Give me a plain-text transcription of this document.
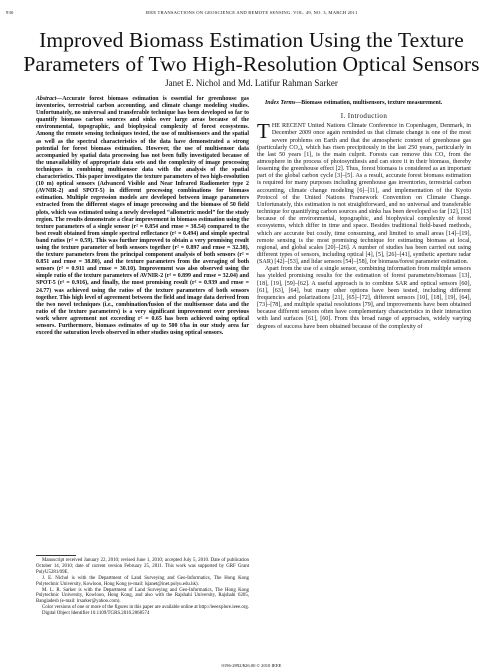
930	IEEE TRANSACTIONS ON GEOSCIENCE AND REMOTE SENSING, VOL. 49, NO. 3, MARCH 2011
Improved Biomass Estimation Using the Texture Parameters of Two High-Resolution Optical Sensors
Janet E. Nichol and Md. Latifur Rahman Sarker

Abstract—Accurate forest biomass estimation is essential for greenhouse gas inventories, terrestrial carbon accounting, and climate change modeling studies. Unfortunately, no universal and transferable technique has been developed so far to quantify biomass carbon sources and sinks over large areas because of the environmental, topographic, and biophysical complexity of forest ecosystems. Among the remote sensing techniques tested, the use of multisensors and the spatial as well as the spectral characteristics of the data have demonstrated a strong potential for forest biomass estimation. However, the use of multisensor data accompanied by spatial data processing has not been fully investigated because of the unavailability of appropriate data sets and the complexity of image processing techniques in combining multisensor data with the analysis of the spatial characteristics. This paper investigates the texture parameters of two high-resolution (10 m) optical sensors (Advanced Visible and Near Infrared Radiometer type 2 (AVNIR-2) and SPOT-5) in different processing combinations for biomass estimation. Multiple regression models are developed between image parameters extracted from the different stages of image processing and the biomass of 50 field plots, which was estimated using a newly developed “allometric model” for the study region. The results demonstrate a clear improvement in biomass estimation using the texture parameters of a single sensor (r² = 0.854 and rmse = 38.54) compared to the best result obtained from simple spectral reflectance (r² = 0.494) and simple spectral band ratios (r² = 0.59). This was further improved to obtain a very promising result using the texture parameter of both sensors together (r² = 0.897 and rmse = 32.38), the texture parameters from the principal component analysis of both sensors (r² = 0.851 and rmse = 38.80), and the texture parameters from the averaging of both sensors (r² = 0.911 and rmse = 30.10). Improvement was also observed using the simple ratio of the texture parameters of AVNIR-2 (r² = 0.899 and rmse = 32.04) and SPOT-5 (r² = 0.916), and finally, the most promising result (r² = 0.939 and rmse = 24.77) was achieved using the ratios of the texture parameters of both sensors together. This high level of agreement between the field and image data derived from the two novel techniques (i.e., combination/fusion of the multisensor data and the ratio of the texture parameters) is a very significant improvement over previous work where agreement not exceeding r² = 0.65 has been achieved using optical sensors. Furthermore, biomass estimates of up to 500 t/ha in our study area far exceed the saturation levels observed in other studies using optical sensors.

Index Terms—Biomass estimation, multisensors, texture measurement.

I. Introduction

THE RECENT United Nations Climate Conference in Copenhagen, Denmark, in December 2009 once again reminded us that climate change is one of the most severe problems on Earth and that the atmospheric content of greenhouse gas (particularly CO₂), which has risen precipitously in the last 250 years, particularly in the last 50 years [1], is the main culprit. Forests can remove this CO₂ from the atmosphere in the process of photosynthesis and can store it in their biomass, thereby lessening the greenhouse effect [2]. Thus, forest biomass is considered as an important part of the global carbon cycle [3]–[5]. As a result, accurate forest biomass estimation is required for many purposes including greenhouse gas inventories, terrestrial carbon accounting, climate change modeling [6]–[11], and implementation of the Kyoto Protocol of the United Nations Framework Convention on Climate Change. Unfortunately, this estimation is not straightforward, and no universal and transferable technique for quantifying carbon sources and sinks has been developed so far [12], [13] because of the environmental, topographic, and biophysical complexity of forest ecosystems, which differ in time and space. Besides traditional field-based methods, which are accurate but costly, time consuming, and limited to small areas [14]–[19], remote sensing is the most promising technique for estimating biomass at local, regional, and global scales [20]–[26]. A number of studies has been carried out using different types of sensors, including optical [4], [5], [26]–[41], synthetic aperture radar (SAR) [42]–[53], and lidar sensors [54]–[58], for biomass/forest parameter estimation.

Apart from the use of a single sensor, combining information from multiple sensors has yielded promising results for the estimation of forest parameters/biomass [13], [18], [19], [59]–[62]. A useful approach is to combine SAR and optical sensors [60], [61], [63], [64], but many other options have been tested, including different frequencies and polarizations [21], [65]–[72], different sensors [10], [18], [19], [64], [73]–[78], and multiple spatial resolutions [79], and improvements have been obtained because different sensors often have complementary characteristics in their interaction with land surfaces [61], [60]. From this broad range of approaches, widely varying degrees of success have been obtained because of the complexity of

Manuscript received January 22, 2010; revised June 1, 2010; accepted July 5, 2010. Date of publication October 14, 2010; date of current version February 25, 2011. This work was supported by GRF Grant PolyU5281/09E.

J. E. Nichol is with the Department of Land Surveying and Geo-Informatics, The Hong Kong Polytechnic University, Kowloon, Hong Kong (e-mail: lsjanet@inet.polyu.edu.hk).

M. L. R. Sarker is with the Department of Land Surveying and Geo-Informatics, The Hong Kong Polytechnic University, Kowloon, Hong Kong, and also with the Rajshahi University, Rajshahi 6205, Bangladesh (e-mail: lrsarker@yahoo.com).

Color versions of one or more of the figures in this paper are available online at http://ieeexplore.ieee.org.

Digital Object Identifier 10.1109/TGRS.2010.2068574

0196-2892/$26.00 © 2010 IEEE
